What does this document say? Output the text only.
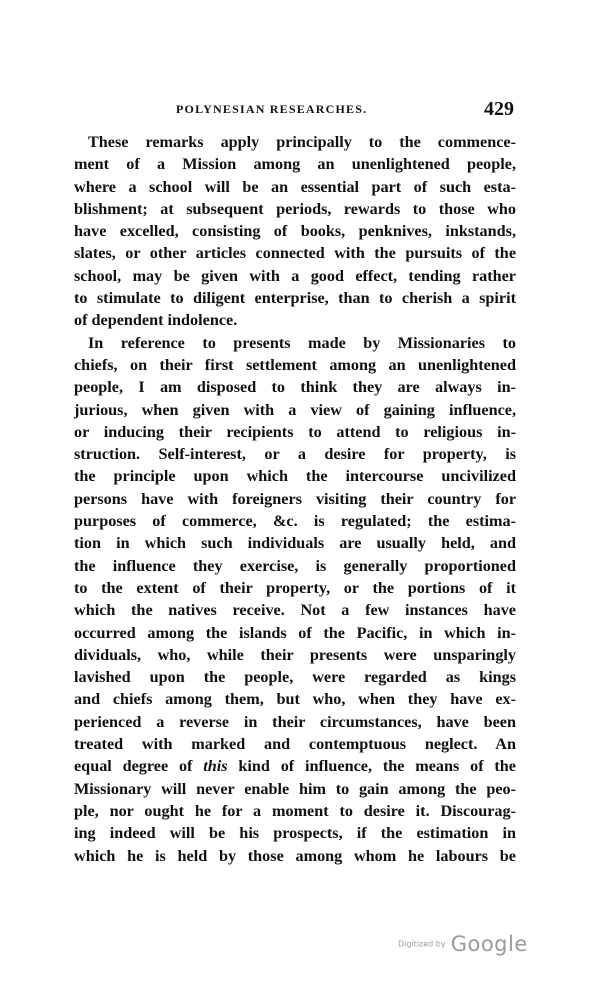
POLYNESIAN RESEARCHES.	429
These remarks apply principally to the commence-
ment of a Mission among an unenlightened people,
where a school will be an essential part of such esta-
blishment; at subsequent periods, rewards to those who
have excelled, consisting of books, penknives, inkstands,
slates, or other articles connected with the pursuits of the
school, may be given with a good effect, tending rather
to stimulate to diligent enterprise, than to cherish a spirit
of dependent indolence.
In reference to presents made by Missionaries to
chiefs, on their first settlement among an unenlightened
people, I am disposed to think they are always in-
jurious, when given with a view of gaining influence,
or inducing their recipients to attend to religious in-
struction. Self-interest, or a desire for property, is
the principle upon which the intercourse uncivilized
persons have with foreigners visiting their country for
purposes of commerce, &c. is regulated; the estima-
tion in which such individuals are usually held, and
the influence they exercise, is generally proportioned
to the extent of their property, or the portions of it
which the natives receive. Not a few instances have
occurred among the islands of the Pacific, in which in-
dividuals, who, while their presents were unsparingly
lavished upon the people, were regarded as kings
and chiefs among them, but who, when they have ex-
perienced a reverse in their circumstances, have been
treated with marked and contemptuous neglect. An
equal degree of this kind of influence, the means of the
Missionary will never enable him to gain among the peo-
ple, nor ought he for a moment to desire it. Discourag-
ing indeed will be his prospects, if the estimation in
which he is held by those among whom he labours be
Digitized by Google
